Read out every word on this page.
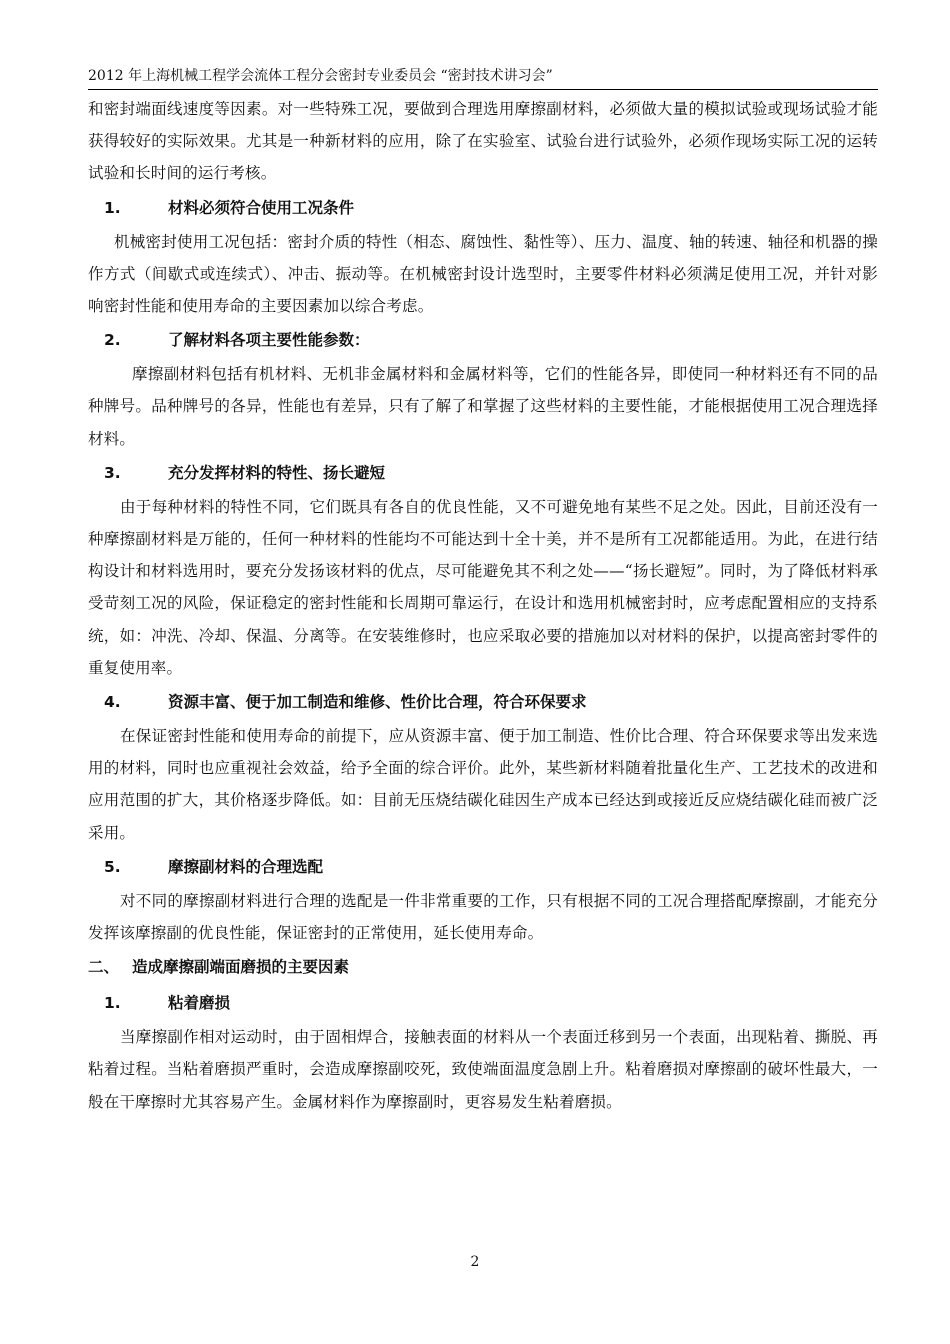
2012 年上海机械工程学会流体工程分会密封专业委员会 “密封技术讲习会”

和密封端面线速度等因素。对一些特殊工况，要做到合理选用摩擦副材料，必须做大量的模拟试验或现场试验才能获得较好的实际效果。尤其是一种新材料的应用，除了在实验室、试验台进行试验外，必须作现场实际工况的运转试验和长时间的运行考核。

1.	材料必须符合使用工况条件

机械密封使用工况包括：密封介质的特性（相态、腐蚀性、黏性等）、压力、温度、轴的转速、轴径和机器的操作方式（间歇式或连续式）、冲击、振动等。在机械密封设计选型时，主要零件材料必须满足使用工况，并针对影响密封性能和使用寿命的主要因素加以综合考虑。

2.	了解材料各项主要性能参数：

摩擦副材料包括有机材料、无机非金属材料和金属材料等，它们的性能各异，即使同一种材料还有不同的品种牌号。品种牌号的各异，性能也有差异，只有了解了和掌握了这些材料的主要性能，才能根据使用工况合理选择材料。

3.	充分发挥材料的特性、扬长避短

由于每种材料的特性不同，它们既具有各自的优良性能，又不可避免地有某些不足之处。因此，目前还没有一种摩擦副材料是万能的，任何一种材料的性能均不可能达到十全十美，并不是所有工况都能适用。为此，在进行结构设计和材料选用时，要充分发扬该材料的优点，尽可能避免其不利之处——“扬长避短”。同时，为了降低材料承受苛刻工况的风险，保证稳定的密封性能和长周期可靠运行，在设计和选用机械密封时，应考虑配置相应的支持系统，如：冲洗、冷却、保温、分离等。在安装维修时，也应采取必要的措施加以对材料的保护，以提高密封零件的重复使用率。

4.	资源丰富、便于加工制造和维修、性价比合理，符合环保要求

在保证密封性能和使用寿命的前提下，应从资源丰富、便于加工制造、性价比合理、符合环保要求等出发来选用的材料，同时也应重视社会效益，给予全面的综合评价。此外，某些新材料随着批量化生产、工艺技术的改进和应用范围的扩大，其价格逐步降低。如：目前无压烧结碳化硅因生产成本已经达到或接近反应烧结碳化硅而被广泛采用。

5.	摩擦副材料的合理选配

对不同的摩擦副材料进行合理的选配是一件非常重要的工作，只有根据不同的工况合理搭配摩擦副，才能充分发挥该摩擦副的优良性能，保证密封的正常使用，延长使用寿命。

二、 造成摩擦副端面磨损的主要因素
1.	粘着磨损

当摩擦副作相对运动时，由于固相焊合，接触表面的材料从一个表面迁移到另一个表面，出现粘着、撕脱、再粘着过程。当粘着磨损严重时，会造成摩擦副咬死，致使端面温度急剧上升。粘着磨损对摩擦副的破坏性最大，一般在干摩擦时尤其容易产生。金属材料作为摩擦副时，更容易发生粘着磨损。

2
